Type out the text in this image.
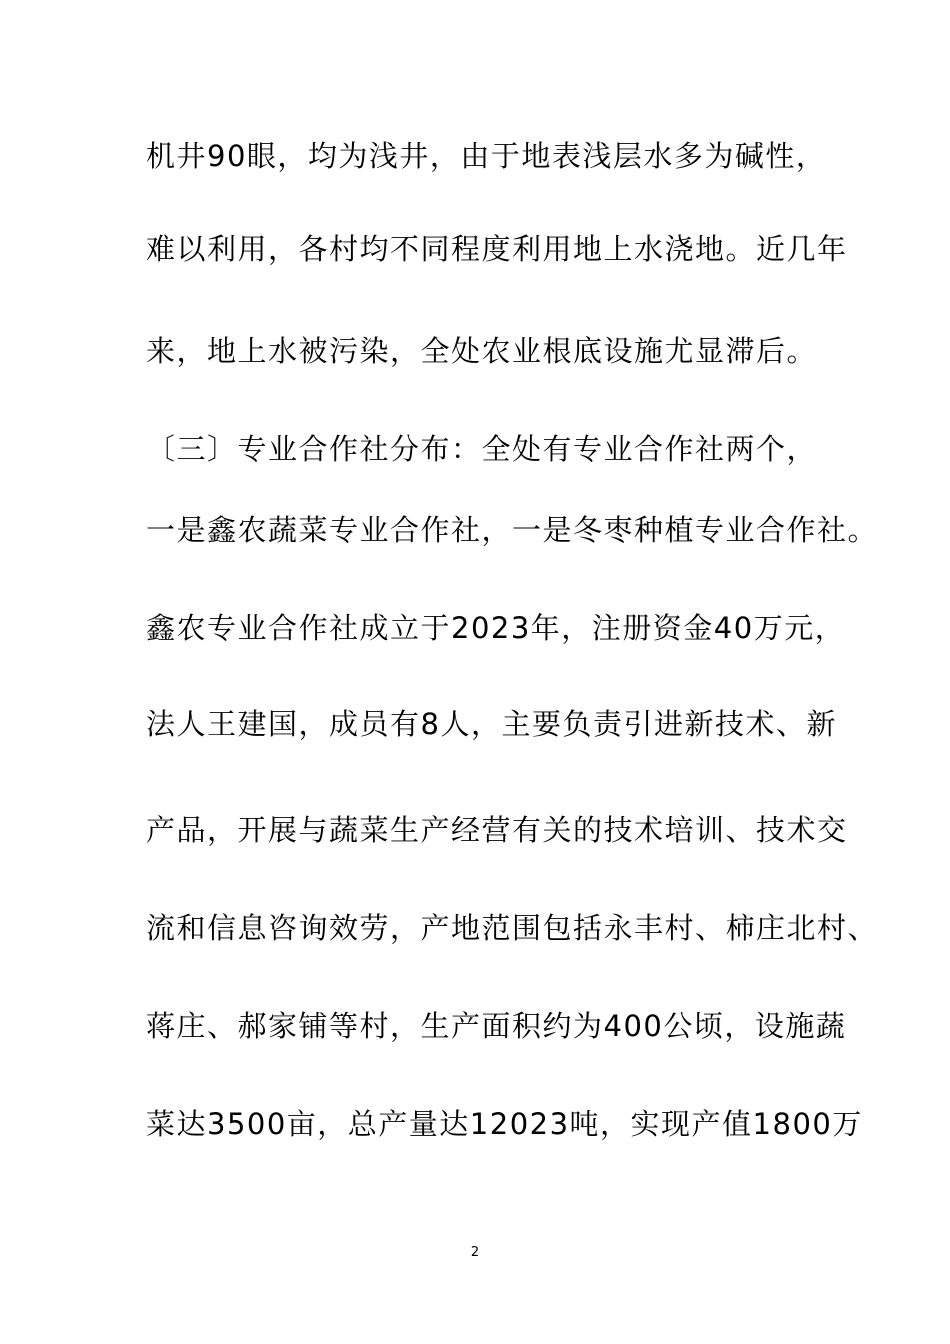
机井90眼，均为浅井，由于地表浅层水多为碱性，
难以利用，各村均不同程度利用地上水浇地。近几年
来，地上水被污染，全处农业根底设施尤显滞后。
〔三〕专业合作社分布：全处有专业合作社两个，
一是鑫农蔬菜专业合作社，一是冬枣种植专业合作社。
鑫农专业合作社成立于2023年，注册资金40万元，
法人王建国，成员有8人，主要负责引进新技术、新
产品，开展与蔬菜生产经营有关的技术培训、技术交
流和信息咨询效劳，产地范围包括永丰村、柿庄北村、
蒋庄、郝家铺等村，生产面积约为400公顷，设施蔬
菜达3500亩，总产量达12023吨，实现产值1800万
2
